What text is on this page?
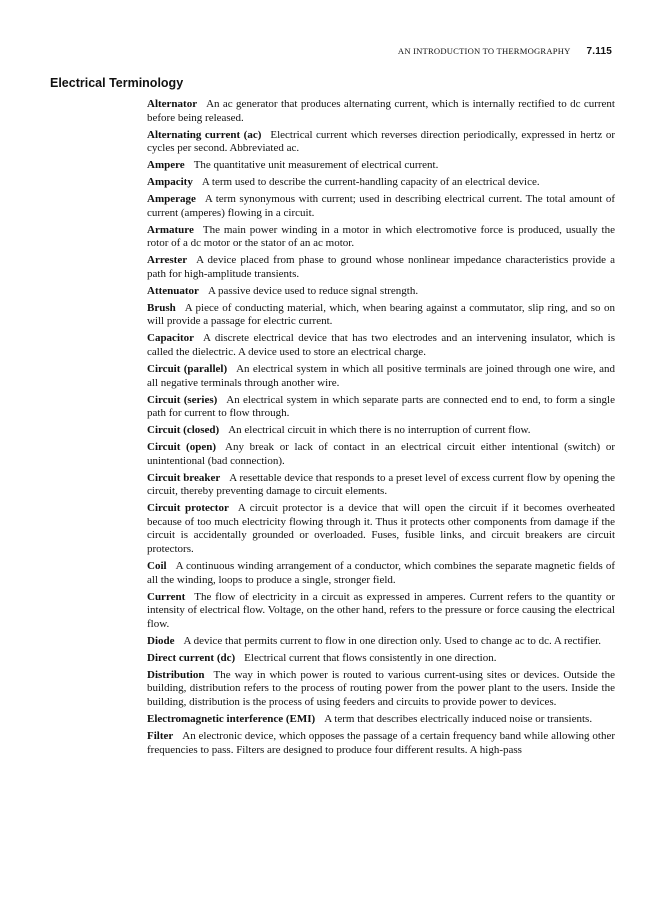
AN INTRODUCTION TO THERMOGRAPHY 7.115
Electrical Terminology

Alternator An ac generator that produces alternating current, which is internally rectified to dc current before being released.

Alternating current (ac) Electrical current which reverses direction periodically, expressed in hertz or cycles per second. Abbreviated ac.

Ampere The quantitative unit measurement of electrical current.

Ampacity A term used to describe the current-handling capacity of an electrical device.

Amperage A term synonymous with current; used in describing electrical current. The total amount of current (amperes) flowing in a circuit.

Armature The main power winding in a motor in which electromotive force is produced, usually the rotor of a dc motor or the stator of an ac motor.

Arrester A device placed from phase to ground whose nonlinear impedance characteristics provide a path for high-amplitude transients.

Attenuator A passive device used to reduce signal strength.

Brush A piece of conducting material, which, when bearing against a commutator, slip ring, and so on will provide a passage for electric current.

Capacitor A discrete electrical device that has two electrodes and an intervening insulator, which is called the dielectric. A device used to store an electrical charge.

Circuit (parallel) An electrical system in which all positive terminals are joined through one wire, and all negative terminals through another wire.

Circuit (series) An electrical system in which separate parts are connected end to end, to form a single path for current to flow through.

Circuit (closed) An electrical circuit in which there is no interruption of current flow.

Circuit (open) Any break or lack of contact in an electrical circuit either intentional (switch) or unintentional (bad connection).

Circuit breaker A resettable device that responds to a preset level of excess current flow by opening the circuit, thereby preventing damage to circuit elements.

Circuit protector A circuit protector is a device that will open the circuit if it becomes overheated because of too much electricity flowing through it. Thus it protects other components from damage if the circuit is accidentally grounded or overloaded. Fuses, fusible links, and circuit breakers are circuit protectors.

Coil A continuous winding arrangement of a conductor, which combines the separate magnetic fields of all the winding, loops to produce a single, stronger field.

Current The flow of electricity in a circuit as expressed in amperes. Current refers to the quantity or intensity of electrical flow. Voltage, on the other hand, refers to the pressure or force causing the electrical flow.

Diode A device that permits current to flow in one direction only. Used to change ac to dc. A rectifier.

Direct current (dc) Electrical current that flows consistently in one direction.

Distribution The way in which power is routed to various current-using sites or devices. Outside the building, distribution refers to the process of routing power from the power plant to the users. Inside the building, distribution is the process of using feeders and circuits to provide power to devices.

Electromagnetic interference (EMI) A term that describes electrically induced noise or transients.

Filter An electronic device, which opposes the passage of a certain frequency band while allowing other frequencies to pass. Filters are designed to produce four different results. A high-pass
